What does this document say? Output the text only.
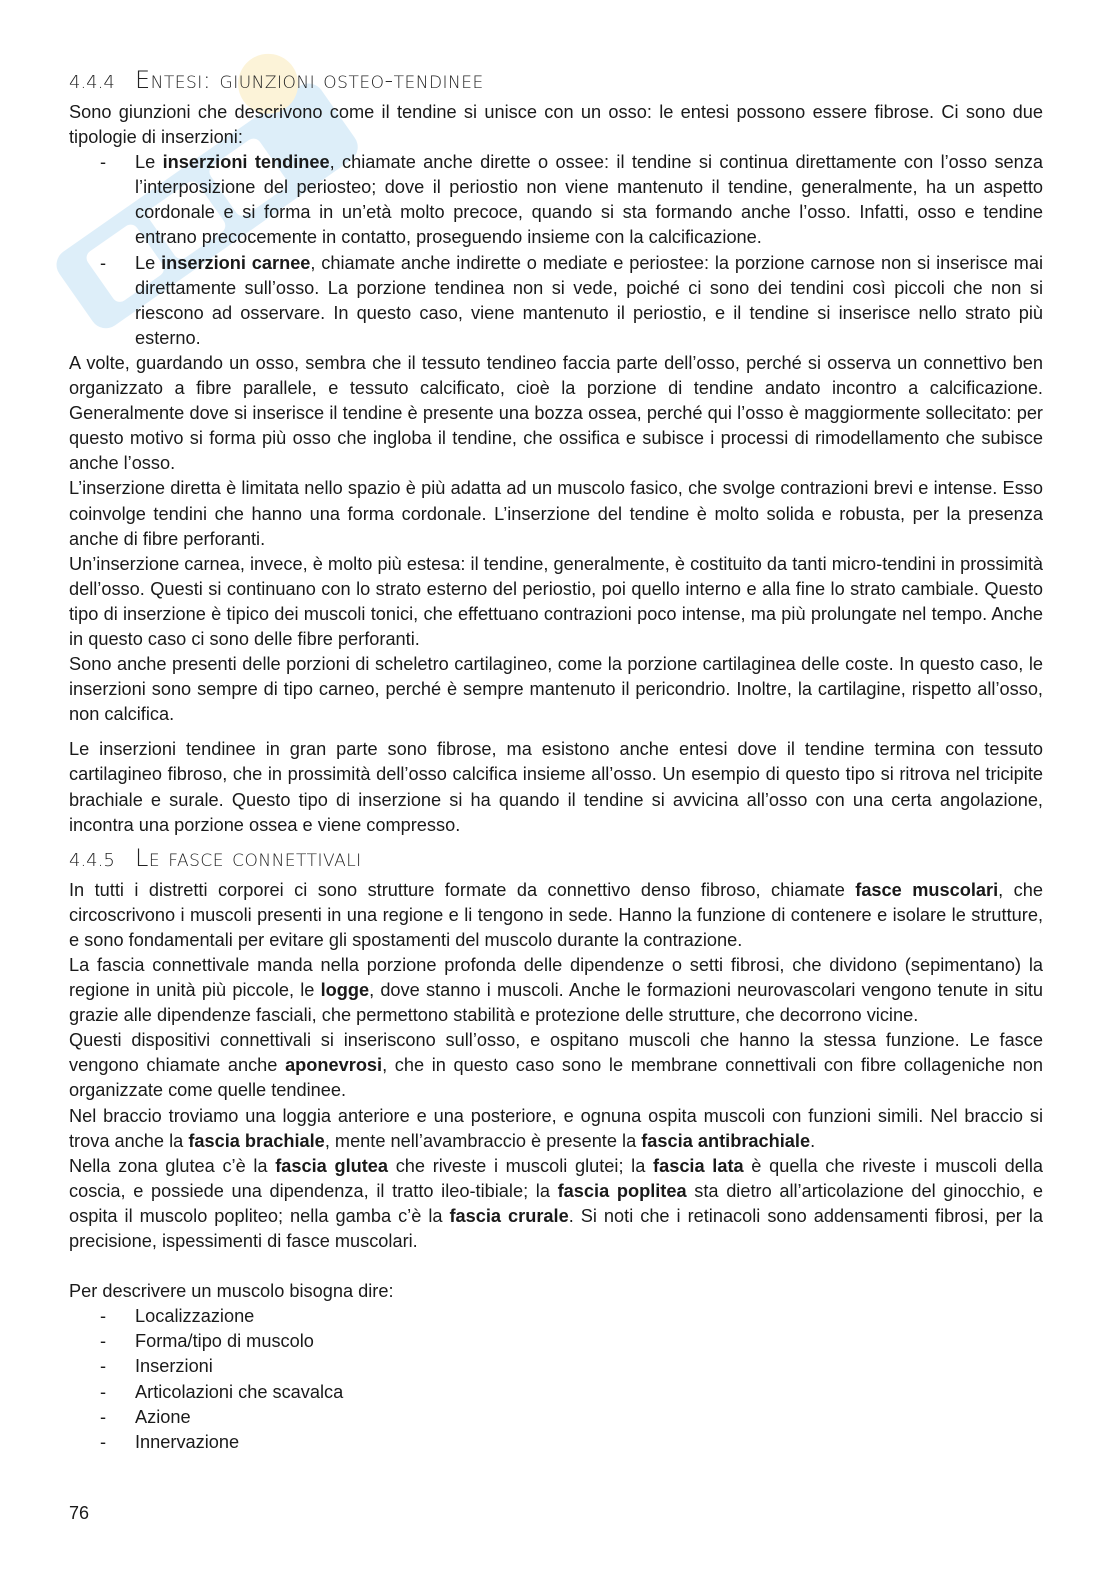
4.4.4 Entesi: giunzioni osteo-tendinee

Sono giunzioni che descrivono come il tendine si unisce con un osso: le entesi possono essere fibrose. Ci sono due tipologie di inserzioni:

- Le inserzioni tendinee, chiamate anche dirette o ossee: il tendine si continua direttamente con l’osso senza l’interposizione del periosteo; dove il periostio non viene mantenuto il tendine, generalmente, ha un aspetto cordonale e si forma in un’età molto precoce, quando si sta formando anche l’osso. Infatti, osso e tendine entrano precocemente in contatto, proseguendo insieme con la calcificazione.
- Le inserzioni carnee, chiamate anche indirette o mediate e periostee: la porzione carnose non si inserisce mai direttamente sull’osso. La porzione tendinea non si vede, poiché ci sono dei tendini così piccoli che non si riescono ad osservare. In questo caso, viene mantenuto il periostio, e il tendine si inserisce nello strato più esterno.

A volte, guardando un osso, sembra che il tessuto tendineo faccia parte dell’osso, perché si osserva un connettivo ben organizzato a fibre parallele, e tessuto calcificato, cioè la porzione di tendine andato incontro a calcificazione. Generalmente dove si inserisce il tendine è presente una bozza ossea, perché qui l’osso è maggiormente sollecitato: per questo motivo si forma più osso che ingloba il tendine, che ossifica e subisce i processi di rimodellamento che subisce anche l’osso.

L’inserzione diretta è limitata nello spazio è più adatta ad un muscolo fasico, che svolge contrazioni brevi e intense. Esso coinvolge tendini che hanno una forma cordonale. L’inserzione del tendine è molto solida e robusta, per la presenza anche di fibre perforanti.

Un’inserzione carnea, invece, è molto più estesa: il tendine, generalmente, è costituito da tanti micro-tendini in prossimità dell’osso. Questi si continuano con lo strato esterno del periostio, poi quello interno e alla fine lo strato cambiale. Questo tipo di inserzione è tipico dei muscoli tonici, che effettuano contrazioni poco intense, ma più prolungate nel tempo. Anche in questo caso ci sono delle fibre perforanti.

Sono anche presenti delle porzioni di scheletro cartilagineo, come la porzione cartilaginea delle coste. In questo caso, le inserzioni sono sempre di tipo carneo, perché è sempre mantenuto il pericondrio. Inoltre, la cartilagine, rispetto all’osso, non calcifica.

Le inserzioni tendinee in gran parte sono fibrose, ma esistono anche entesi dove il tendine termina con tessuto cartilagineo fibroso, che in prossimità dell’osso calcifica insieme all’osso. Un esempio di questo tipo si ritrova nel tricipite brachiale e surale. Questo tipo di inserzione si ha quando il tendine si avvicina all’osso con una certa angolazione, incontra una porzione ossea e viene compresso.

4.4.5 Le fasce connettivali

In tutti i distretti corporei ci sono strutture formate da connettivo denso fibroso, chiamate fasce muscolari, che circoscrivono i muscoli presenti in una regione e li tengono in sede. Hanno la funzione di contenere e isolare le strutture, e sono fondamentali per evitare gli spostamenti del muscolo durante la contrazione.

La fascia connettivale manda nella porzione profonda delle dipendenze o setti fibrosi, che dividono (sepimentano) la regione in unità più piccole, le logge, dove stanno i muscoli. Anche le formazioni neurovascolari vengono tenute in situ grazie alle dipendenze fasciali, che permettono stabilità e protezione delle strutture, che decorrono vicine.

Questi dispositivi connettivali si inseriscono sull’osso, e ospitano muscoli che hanno la stessa funzione. Le fasce vengono chiamate anche aponevrosi, che in questo caso sono le membrane connettivali con fibre collageniche non organizzate come quelle tendinee.

Nel braccio troviamo una loggia anteriore e una posteriore, e ognuna ospita muscoli con funzioni simili. Nel braccio si trova anche la fascia brachiale, mente nell’avambraccio è presente la fascia antibrachiale.

Nella zona glutea c’è la fascia glutea che riveste i muscoli glutei; la fascia lata è quella che riveste i muscoli della coscia, e possiede una dipendenza, il tratto ileo-tibiale; la fascia poplitea sta dietro all’articolazione del ginocchio, e ospita il muscolo popliteo; nella gamba c’è la fascia crurale. Si noti che i retinacoli sono addensamenti fibrosi, per la precisione, ispessimenti di fasce muscolari.

Per descrivere un muscolo bisogna dire:

- Localizzazione
- Forma/tipo di muscolo
- Inserzioni
- Articolazioni che scavalca
- Azione
- Innervazione
76
